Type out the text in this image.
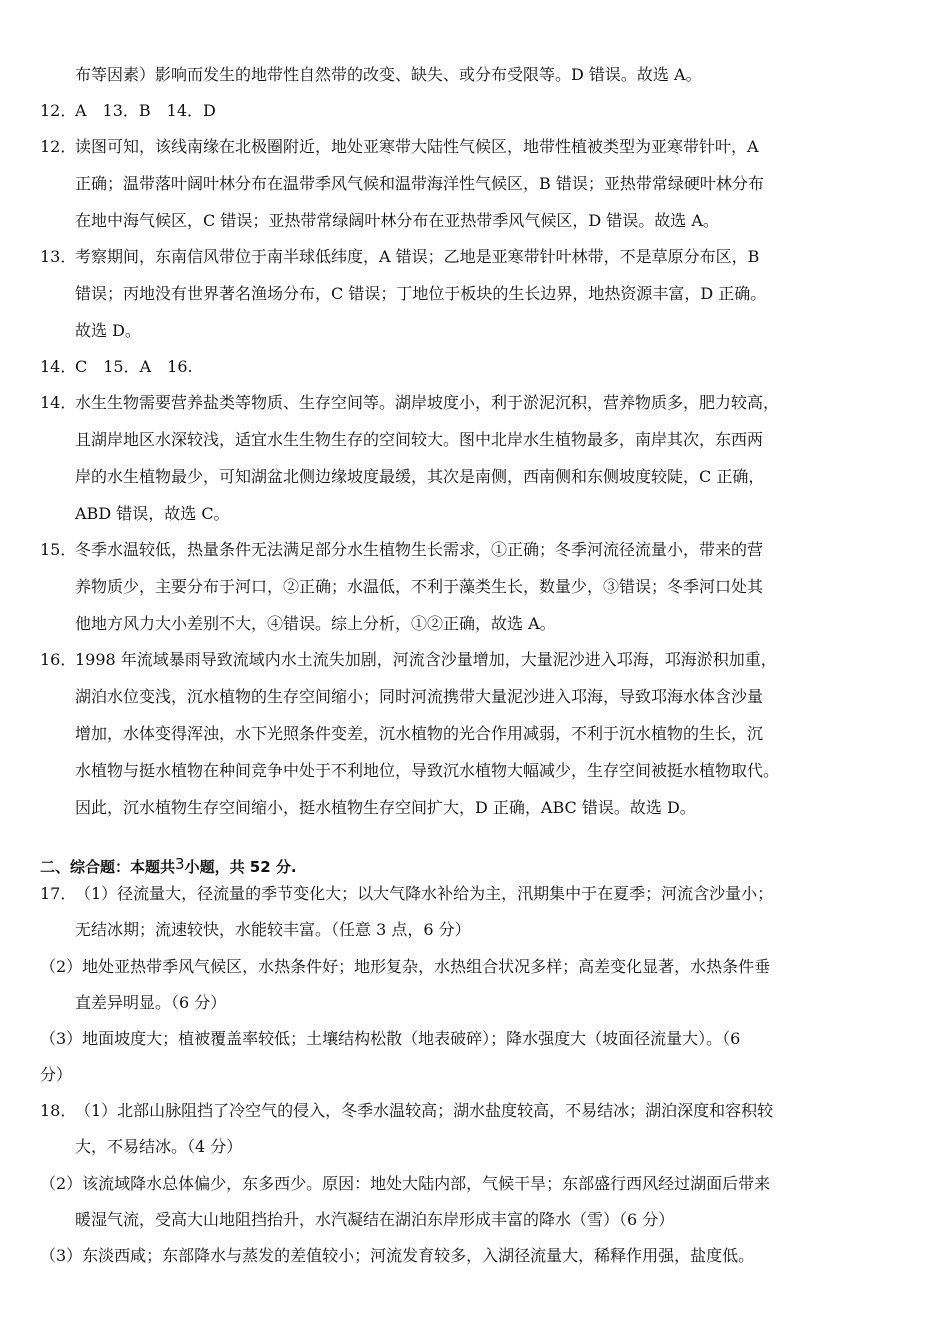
布等因素）影响而发生的地带性自然带的改变、缺失、或分布受限等。D 错误。故选 A。
12．
A　13．B　14．D
12．
读图可知，该线南缘在北极圈附近，地处亚寒带大陆性气候区，地带性植被类型为亚寒带针叶，A
正确；温带落叶阔叶林分布在温带季风气候和温带海洋性气候区，B 错误；亚热带常绿硬叶林分布
在地中海气候区，C 错误；亚热带常绿阔叶林分布在亚热带季风气候区，D 错误。故选 A。
13．
考察期间，东南信风带位于南半球低纬度，A 错误；乙地是亚寒带针叶林带，不是草原分布区，B
错误；丙地没有世界著名渔场分布，C 错误；丁地位于板块的生长边界，地热资源丰富，D 正确。
故选 D。
14．
C　15．A　16.
14．
水生生物需要营养盐类等物质、生存空间等。湖岸坡度小，利于淤泥沉积，营养物质多，肥力较高，
且湖岸地区水深较浅，适宜水生生物生存的空间较大。图中北岸水生植物最多，南岸其次，东西两
岸的水生植物最少，可知湖盆北侧边缘坡度最缓，其次是南侧，西南侧和东侧坡度较陡，C 正确，
ABD 错误，故选 C。
15．
冬季水温较低，热量条件无法满足部分水生植物生长需求，①正确；冬季河流径流量小，带来的营
养物质少，主要分布于河口，②正确；水温低，不利于藻类生长，数量少，③错误；冬季河口处其
他地方风力大小差别不大，④错误。综上分析，①②正确，故选 A。
16．
1998 年流域暴雨导致流域内水土流失加剧，河流含沙量增加，大量泥沙进入邛海，邛海淤积加重，
湖泊水位变浅，沉水植物的生存空间缩小；同时河流携带大量泥沙进入邛海，导致邛海水体含沙量
增加，水体变得浑浊，水下光照条件变差，沉水植物的光合作用减弱，不利于沉水植物的生长，沉
水植物与挺水植物在种间竞争中处于不利地位，导致沉水植物大幅减少，生存空间被挺水植物取代。
因此，沉水植物生存空间缩小，挺水植物生存空间扩大，D 正确，ABC 错误。故选 D。
二、综合题：本题共3小题，共 52 分.
17．
（1）径流量大，径流量的季节变化大；以大气降水补给为主，汛期集中于在夏季；河流含沙量小；
无结冰期；流速较快，水能较丰富。（任意 3 点，6 分）
（2）地处亚热带季风气候区，水热条件好；地形复杂，水热组合状况多样；高差变化显著，水热条件垂
直差异明显。（6 分）
（3）地面坡度大；植被覆盖率较低；土壤结构松散（地表破碎）；降水强度大（坡面径流量大）。（6
分）
18．
（1）北部山脉阻挡了冷空气的侵入，冬季水温较高；湖水盐度较高，不易结冰；湖泊深度和容积较
大，不易结冰。（4 分）
（2）该流域降水总体偏少，东多西少。原因：地处大陆内部，气候干旱；东部盛行西风经过湖面后带来
暖湿气流，受高大山地阻挡抬升，水汽凝结在湖泊东岸形成丰富的降水（雪）（6 分）
（3）东淡西咸；东部降水与蒸发的差值较小；河流发育较多，入湖径流量大，稀释作用强，盐度低。
